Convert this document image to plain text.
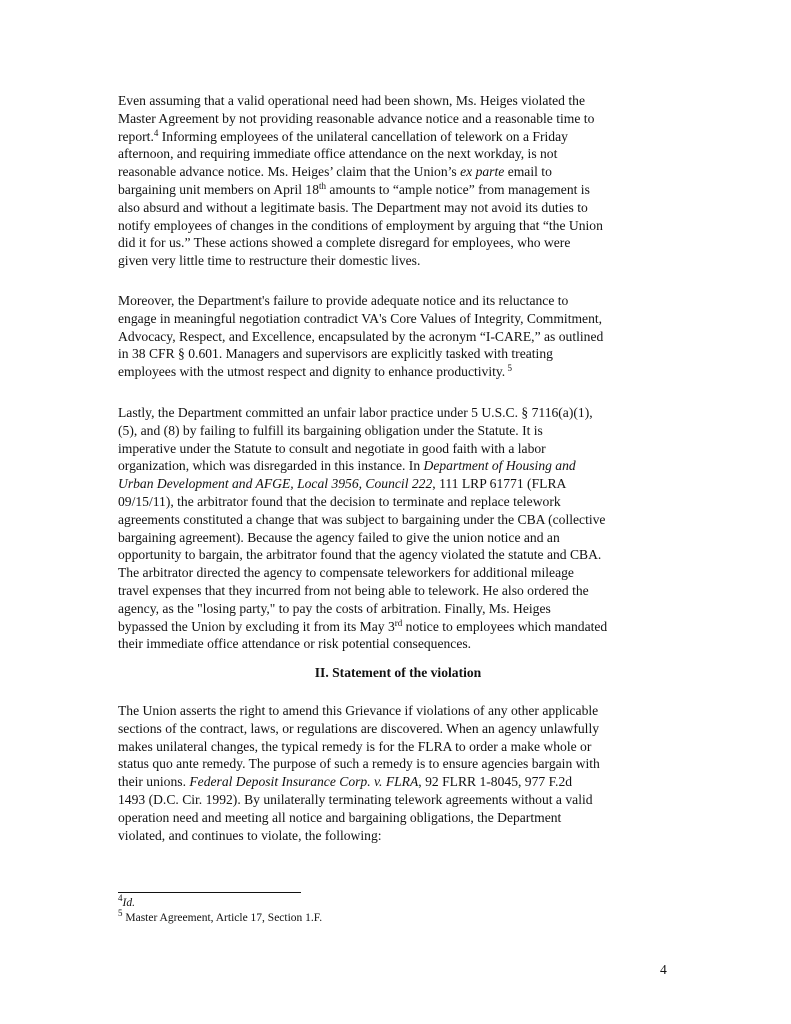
Even assuming that a valid operational need had been shown, Ms. Heiges violated the
Master Agreement by not providing reasonable advance notice and a reasonable time to
report.$^4$ Informing employees of the unilateral cancellation of telework on a Friday
afternoon, and requiring immediate office attendance on the next workday, is not
reasonable advance notice. Ms. Heiges’ claim that the Union’s ex parte email to
bargaining unit members on April 18th amounts to “ample notice” from management is
also absurd and without a legitimate basis. The Department may not avoid its duties to
notify employees of changes in the conditions of employment by arguing that “the Union
did it for us.” These actions showed a complete disregard for employees, who were
given very little time to restructure their domestic lives.
Moreover, the Department's failure to provide adequate notice and its reluctance to
engage in meaningful negotiation contradict VA's Core Values of Integrity, Commitment,
Advocacy, Respect, and Excellence, encapsulated by the acronym “I-CARE,” as outlined
in 38 CFR § 0.601. Managers and supervisors are explicitly tasked with treating
employees with the utmost respect and dignity to enhance productivity. $^5$
Lastly, the Department committed an unfair labor practice under 5 U.S.C. § 7116(a)(1),
(5), and (8) by failing to fulfill its bargaining obligation under the Statute. It is
imperative under the Statute to consult and negotiate in good faith with a labor
organization, which was disregarded in this instance. In Department of Housing and
Urban Development and AFGE, Local 3956, Council 222, 111 LRP 61771 (FLRA
09/15/11), the arbitrator found that the decision to terminate and replace telework
agreements constituted a change that was subject to bargaining under the CBA (collective
bargaining agreement). Because the agency failed to give the union notice and an
opportunity to bargain, the arbitrator found that the agency violated the statute and CBA.
The arbitrator directed the agency to compensate teleworkers for additional mileage
travel expenses that they incurred from not being able to telework. He also ordered the
agency, as the "losing party," to pay the costs of arbitration. Finally, Ms. Heiges
bypassed the Union by excluding it from its May 3rd notice to employees which mandated
their immediate office attendance or risk potential consequences.
II. Statement of the violation
The Union asserts the right to amend this Grievance if violations of any other applicable
sections of the contract, laws, or regulations are discovered. When an agency unlawfully
makes unilateral changes, the typical remedy is for the FLRA to order a make whole or
status quo ante remedy. The purpose of such a remedy is to ensure agencies bargain with
their unions. Federal Deposit Insurance Corp. v. FLRA, 92 FLRR 1-8045, 977 F.2d
1493 (D.C. Cir. 1992). By unilaterally terminating telework agreements without a valid
operation need and meeting all notice and bargaining obligations, the Department
violated, and continues to violate, the following:
$^4$Id.
$^5$ Master Agreement, Article 17, Section 1.F.
4
